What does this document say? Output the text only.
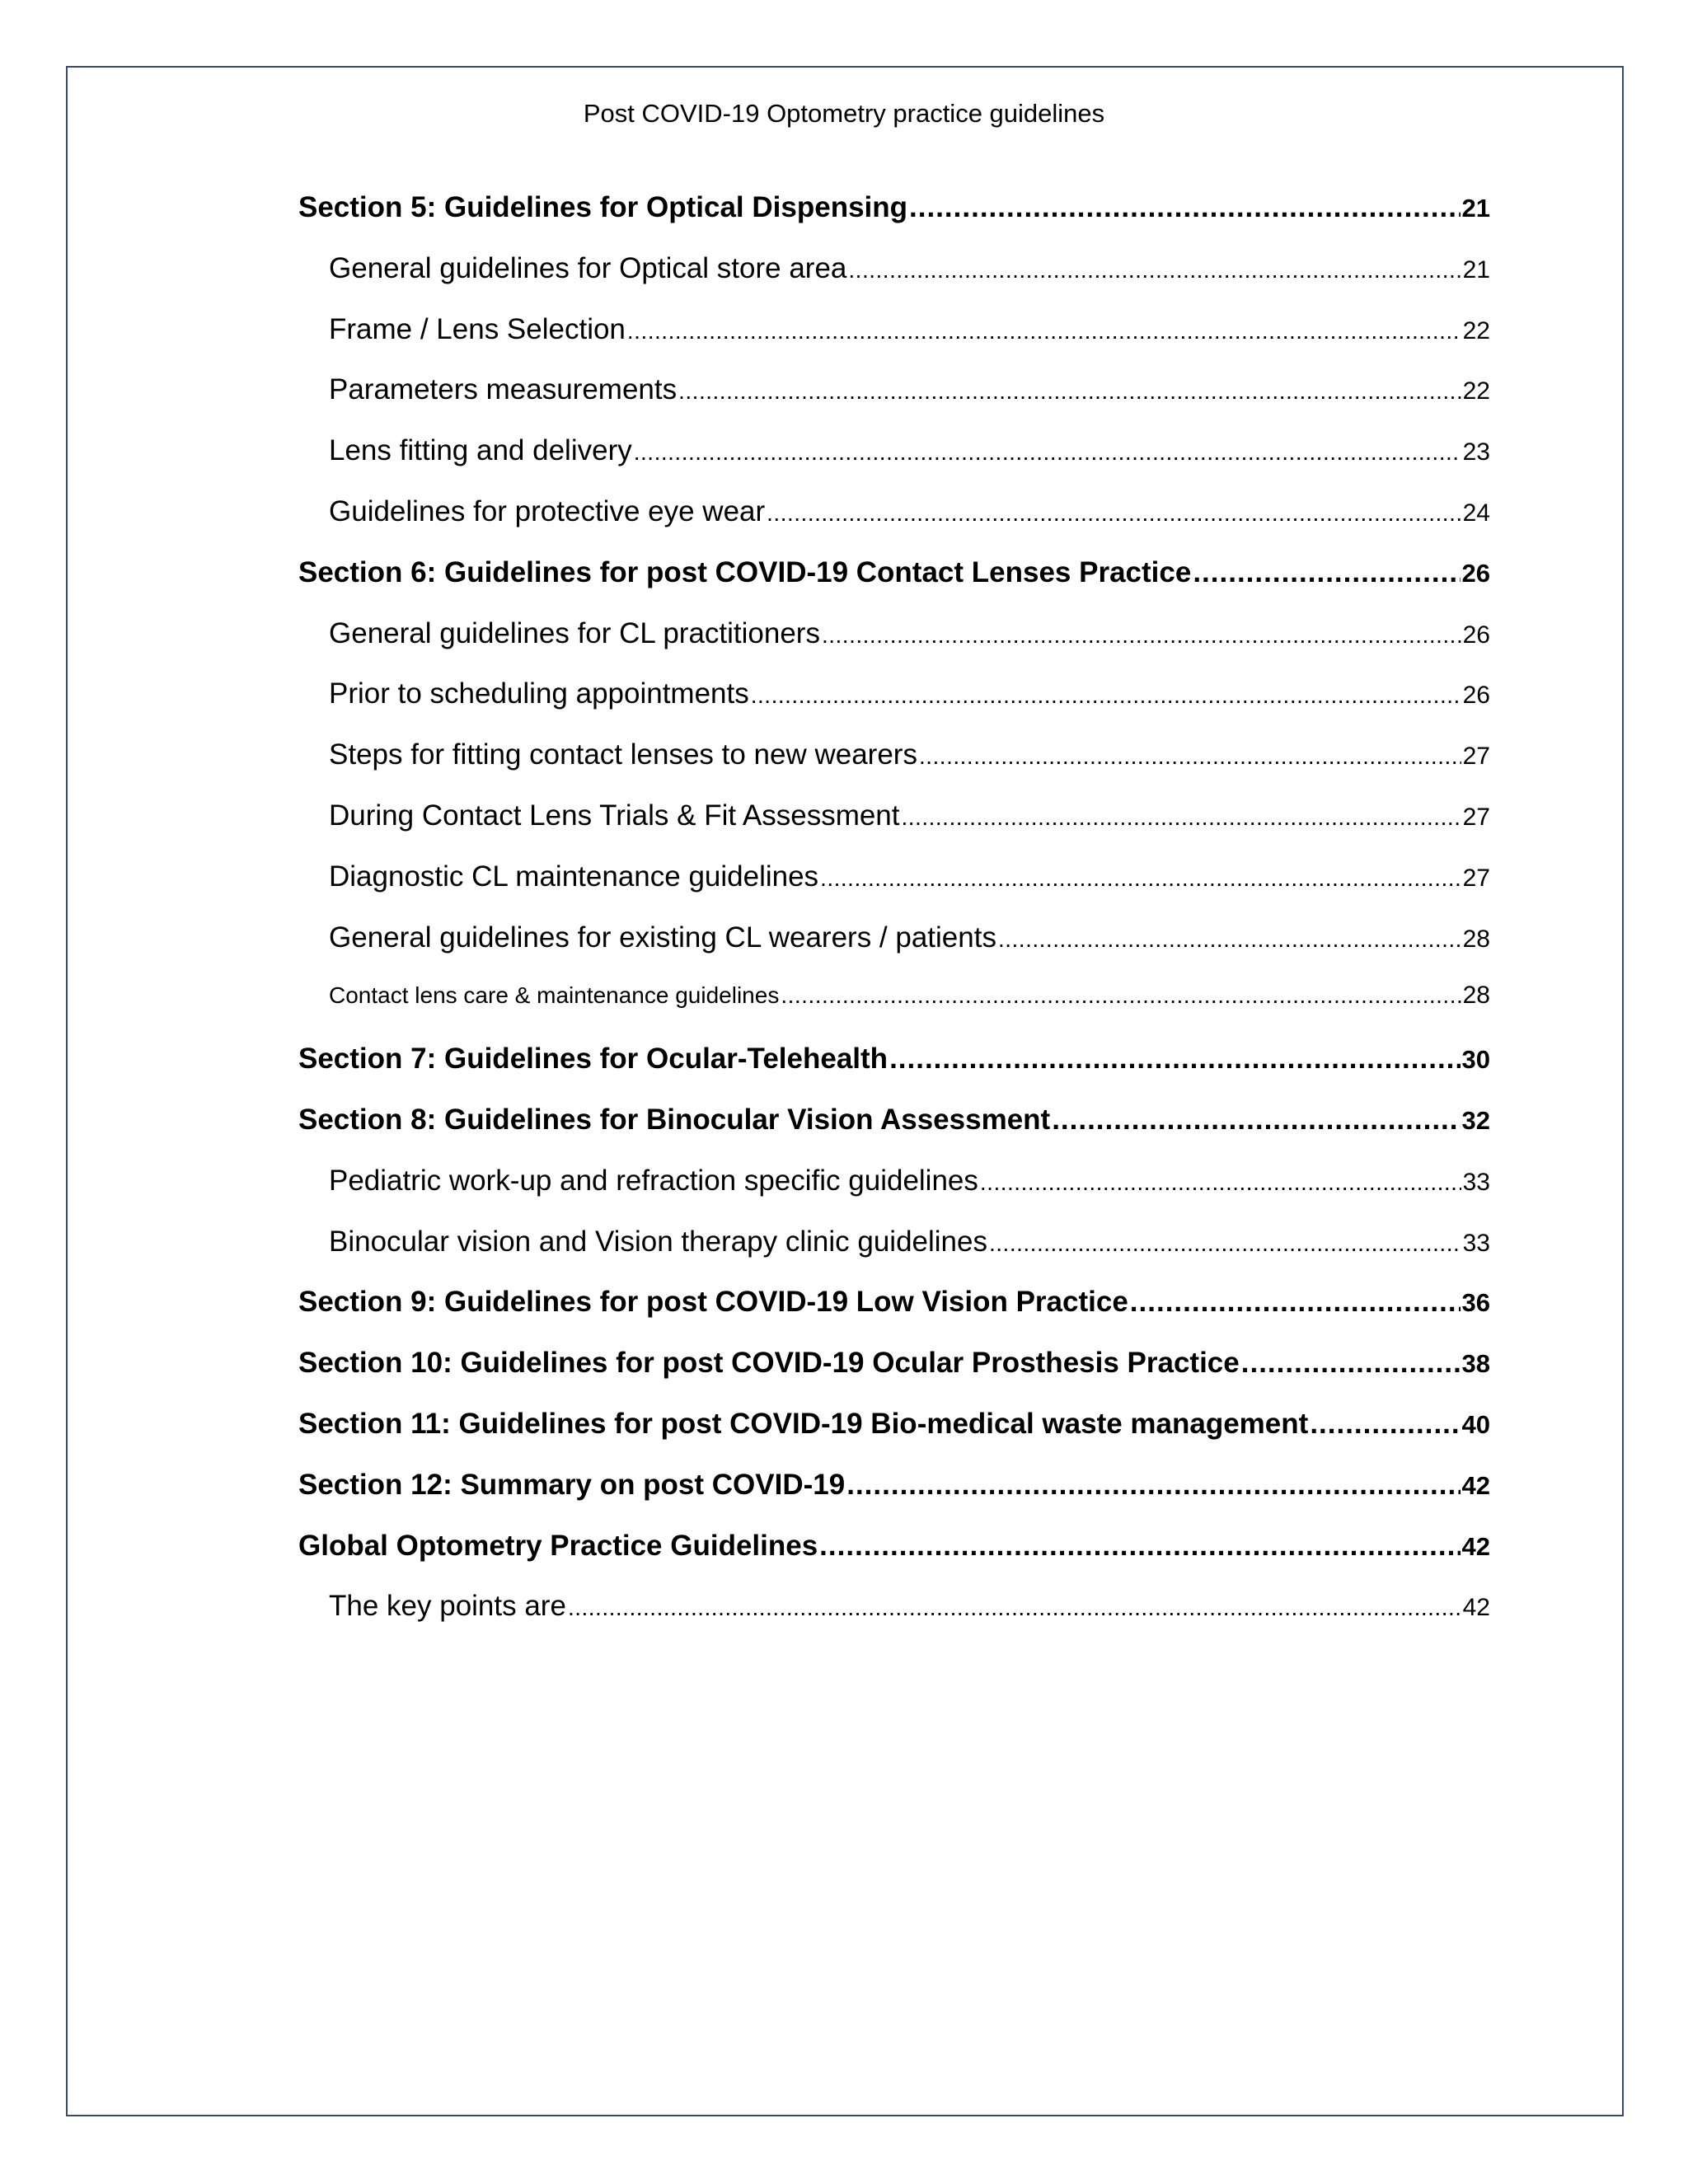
Post COVID-19 Optometry practice guidelines
Section 5: Guidelines for Optical Dispensing .....	21
General guidelines for Optical store area .....	21
Frame / Lens Selection .....	22
Parameters measurements .....	22
Lens fitting and delivery .....	23
Guidelines for protective eye wear .....	24
Section 6: Guidelines for post COVID-19 Contact Lenses Practice .....	26
General guidelines for CL practitioners .....	26
Prior to scheduling appointments .....	26
Steps for fitting contact lenses to new wearers .....	27
During Contact Lens Trials & Fit Assessment .....	27
Diagnostic CL maintenance guidelines .....	27
General guidelines for existing CL wearers / patients .....	28
Contact lens care & maintenance guidelines .....	28
Section 7: Guidelines for Ocular-Telehealth .....	30
Section 8: Guidelines for Binocular Vision Assessment .....	32
Pediatric work-up and refraction specific guidelines .....	33
Binocular vision and Vision therapy clinic guidelines .....	33
Section 9: Guidelines for post COVID-19 Low Vision Practice .....	36
Section 10: Guidelines for post COVID-19 Ocular Prosthesis Practice .....	38
Section 11: Guidelines for post COVID-19 Bio-medical waste management .....	40
Section 12: Summary on post COVID-19 .....	42
Global Optometry Practice Guidelines .....	42
The key points are .....	42
